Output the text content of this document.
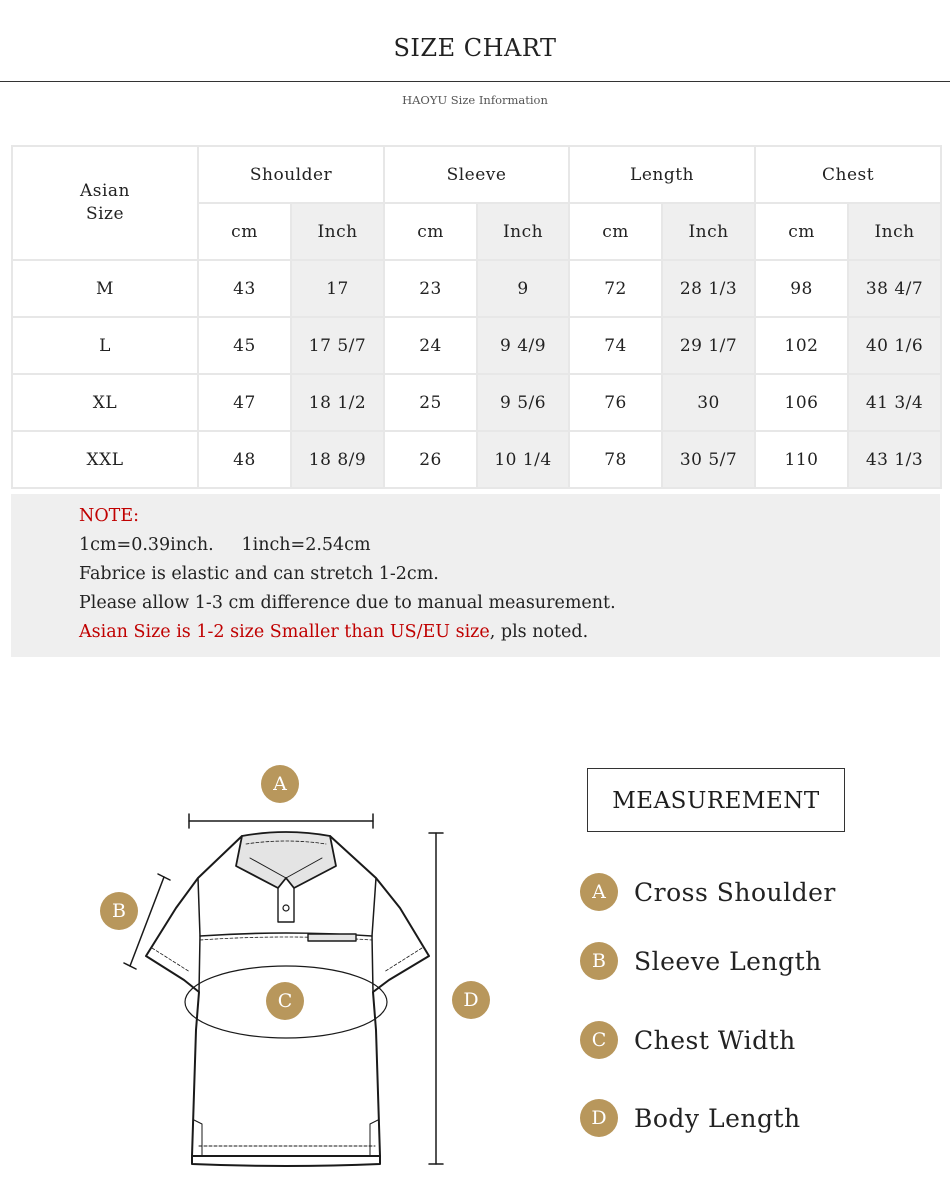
SIZE CHART
HAOYU Size Information
Asian
Size	Shoulder		Sleeve		Length		Chest	
	cm	Inch	cm	Inch	cm	Inch	cm	Inch
M	43	17	23	9	72	28 1/3	98	38 4/7
L	45	17 5/7	24	9 4/9	74	29 1/7	102	40 1/6
XL	47	18 1/2	25	9 5/6	76	30	106	41 3/4
XXL	48	18 8/9	26	10 1/4	78	30 5/7	110	43 1/3
NOTE:
1cm=0.39inch.     1inch=2.54cm
Fabrice is elastic and can stretch 1-2cm.
Please allow 1-3 cm difference due to manual measurement.
Asian Size is 1-2 size Smaller than US/EU size, pls noted.
A
B
C	D
MEASUREMENT
A	Cross Shoulder
B	Sleeve Length
C	Chest Width
D	Body Length
